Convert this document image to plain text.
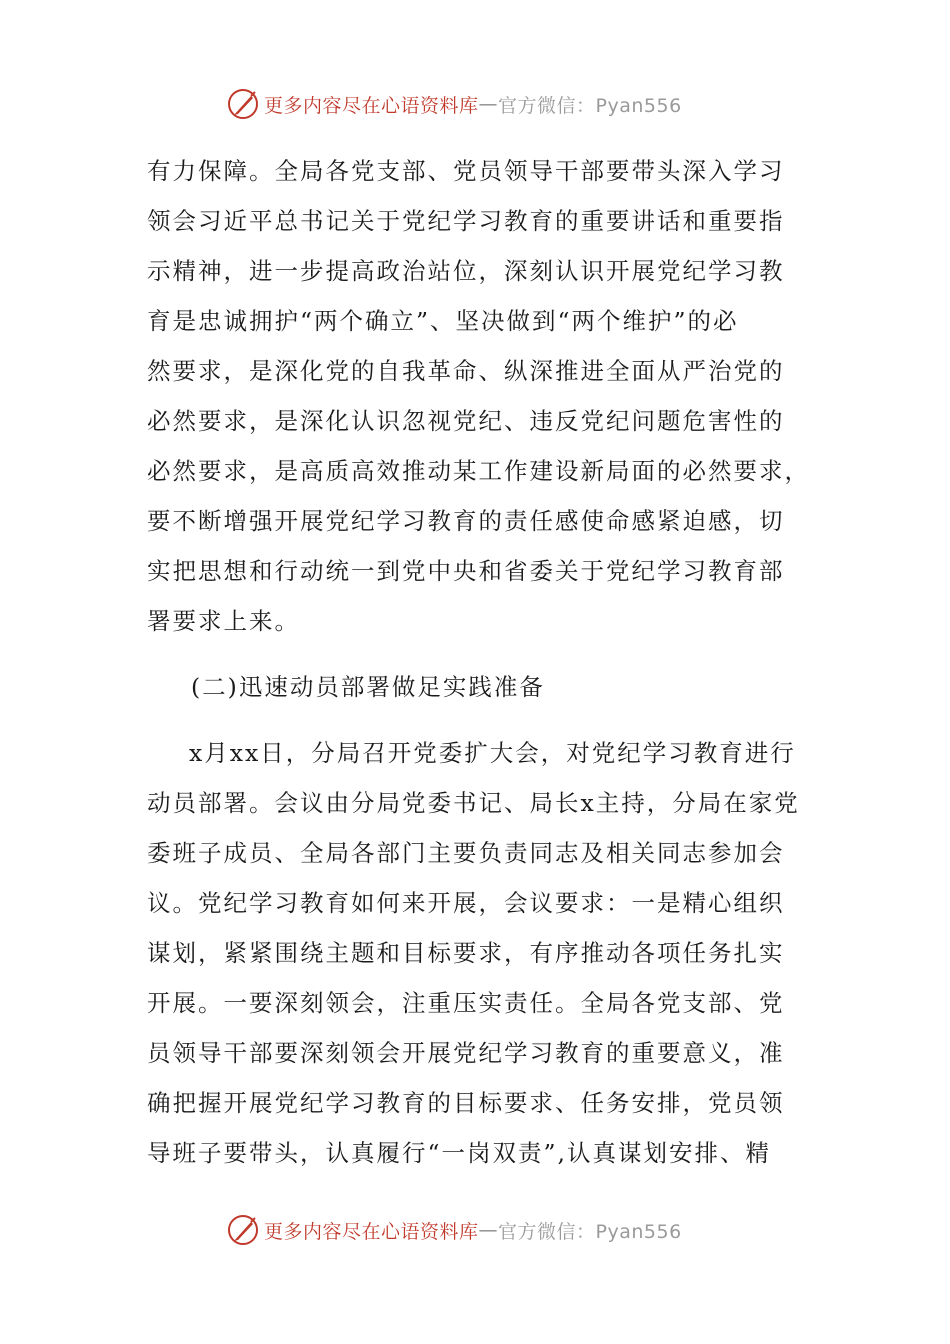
更多内容尽在心语资料库 — 官方微信：Pyan556
有力保障。全局各党支部、党员领导干部要带头深入学习
领会习近平总书记关于党纪学习教育的重要讲话和重要指
示精神，进一步提高政治站位，深刻认识开展党纪学习教
育是忠诚拥护“两个确立”、坚决做到“两个维护”的必
然要求，是深化党的自我革命、纵深推进全面从严治党的
必然要求，是深化认识忽视党纪、违反党纪问题危害性的
必然要求，是高质高效推动某工作建设新局面的必然要求，
要不断增强开展党纪学习教育的责任感使命感紧迫感，切
实把思想和行动统一到党中央和省委关于党纪学习教育部
署要求上来。
(二)迅速动员部署做足实践准备
x月xx日，分局召开党委扩大会，对党纪学习教育进行
动员部署。会议由分局党委书记、局长x主持，分局在家党
委班子成员、全局各部门主要负责同志及相关同志参加会
议。党纪学习教育如何来开展，会议要求：一是精心组织
谋划，紧紧围绕主题和目标要求，有序推动各项任务扎实
开展。一要深刻领会，注重压实责任。全局各党支部、党
员领导干部要深刻领会开展党纪学习教育的重要意义，准
确把握开展党纪学习教育的目标要求、任务安排，党员领
导班子要带头，认真履行“一岗双责”,认真谋划安排、精
更多内容尽在心语资料库 — 官方微信：Pyan556
